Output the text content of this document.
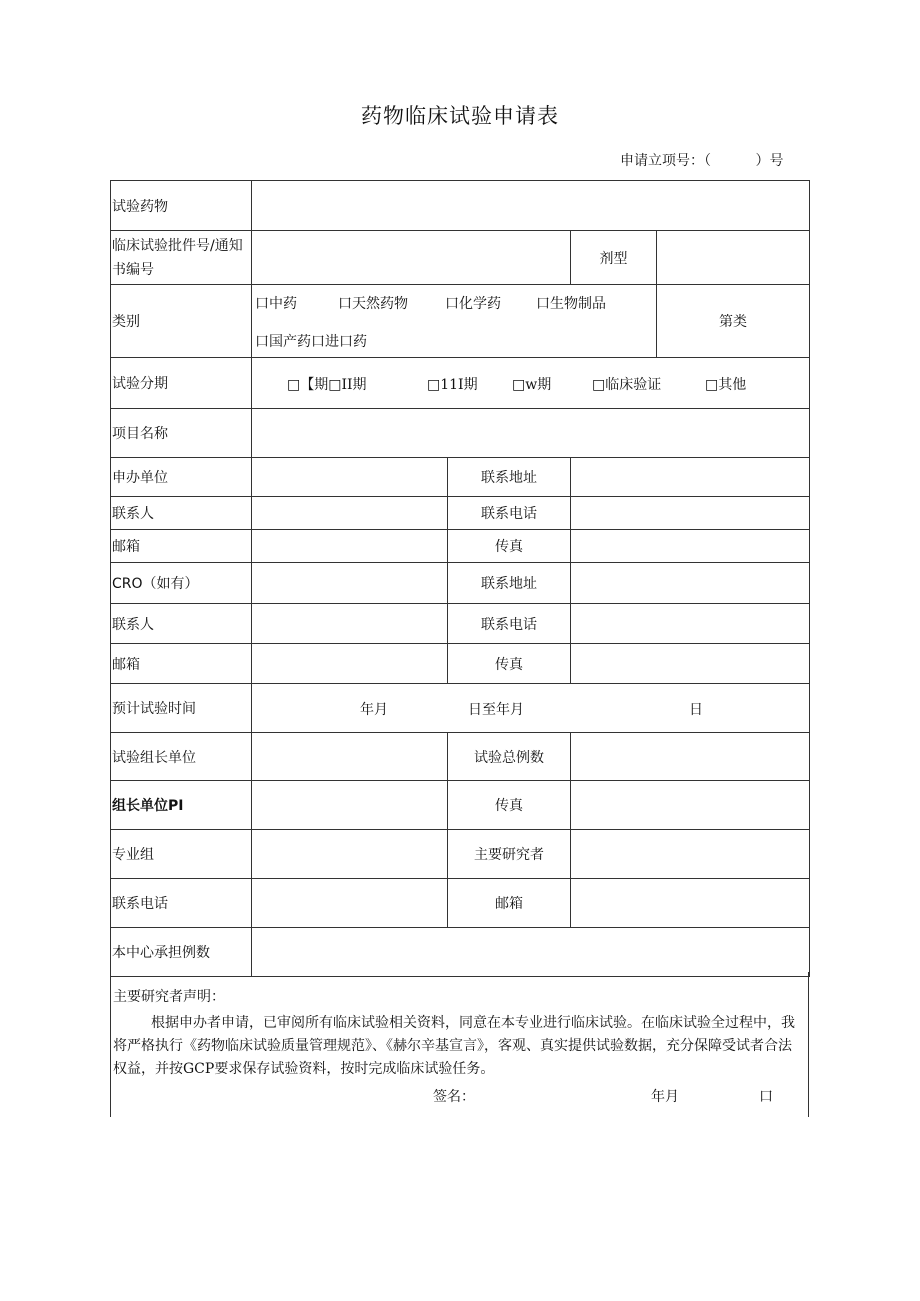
药物临床试验申请表
申请立项号：（	）号
试验药物				
临床试验批件号/通知书编号			剂型	
类别	口中药 口天然药物 口化学药 口生物制品
口国产药口进口药			第类
试验分期	□【期□II期 □11I期 □w期 □临床验证 □其他			

项目名称				
申办单位		联系地址		
联系人		联系电话		
邮箱		传真		
CRO（如有）		联系地址		
联系人		联系电话		
邮箱		传真		
预计试验时间	年月 日至年月 日			

试验组长单位		试验总例数		
组长单位PI		传真		
专业组		主要研究者		
联系电话		邮箱		
本中心承担例数				
主要研究者声明：
根据申办者申请，已审阅所有临床试验相关资料，同意在本专业进行临床试验。在临床试验全过程中，我将严格执行《药物临床试验质量管理规范》、《赫尔辛基宣言》，客观、真实提供试验数据，充分保障受试者合法权益，并按GCP要求保存试验资料，按时完成临床试验任务。
签名：	年月	口
